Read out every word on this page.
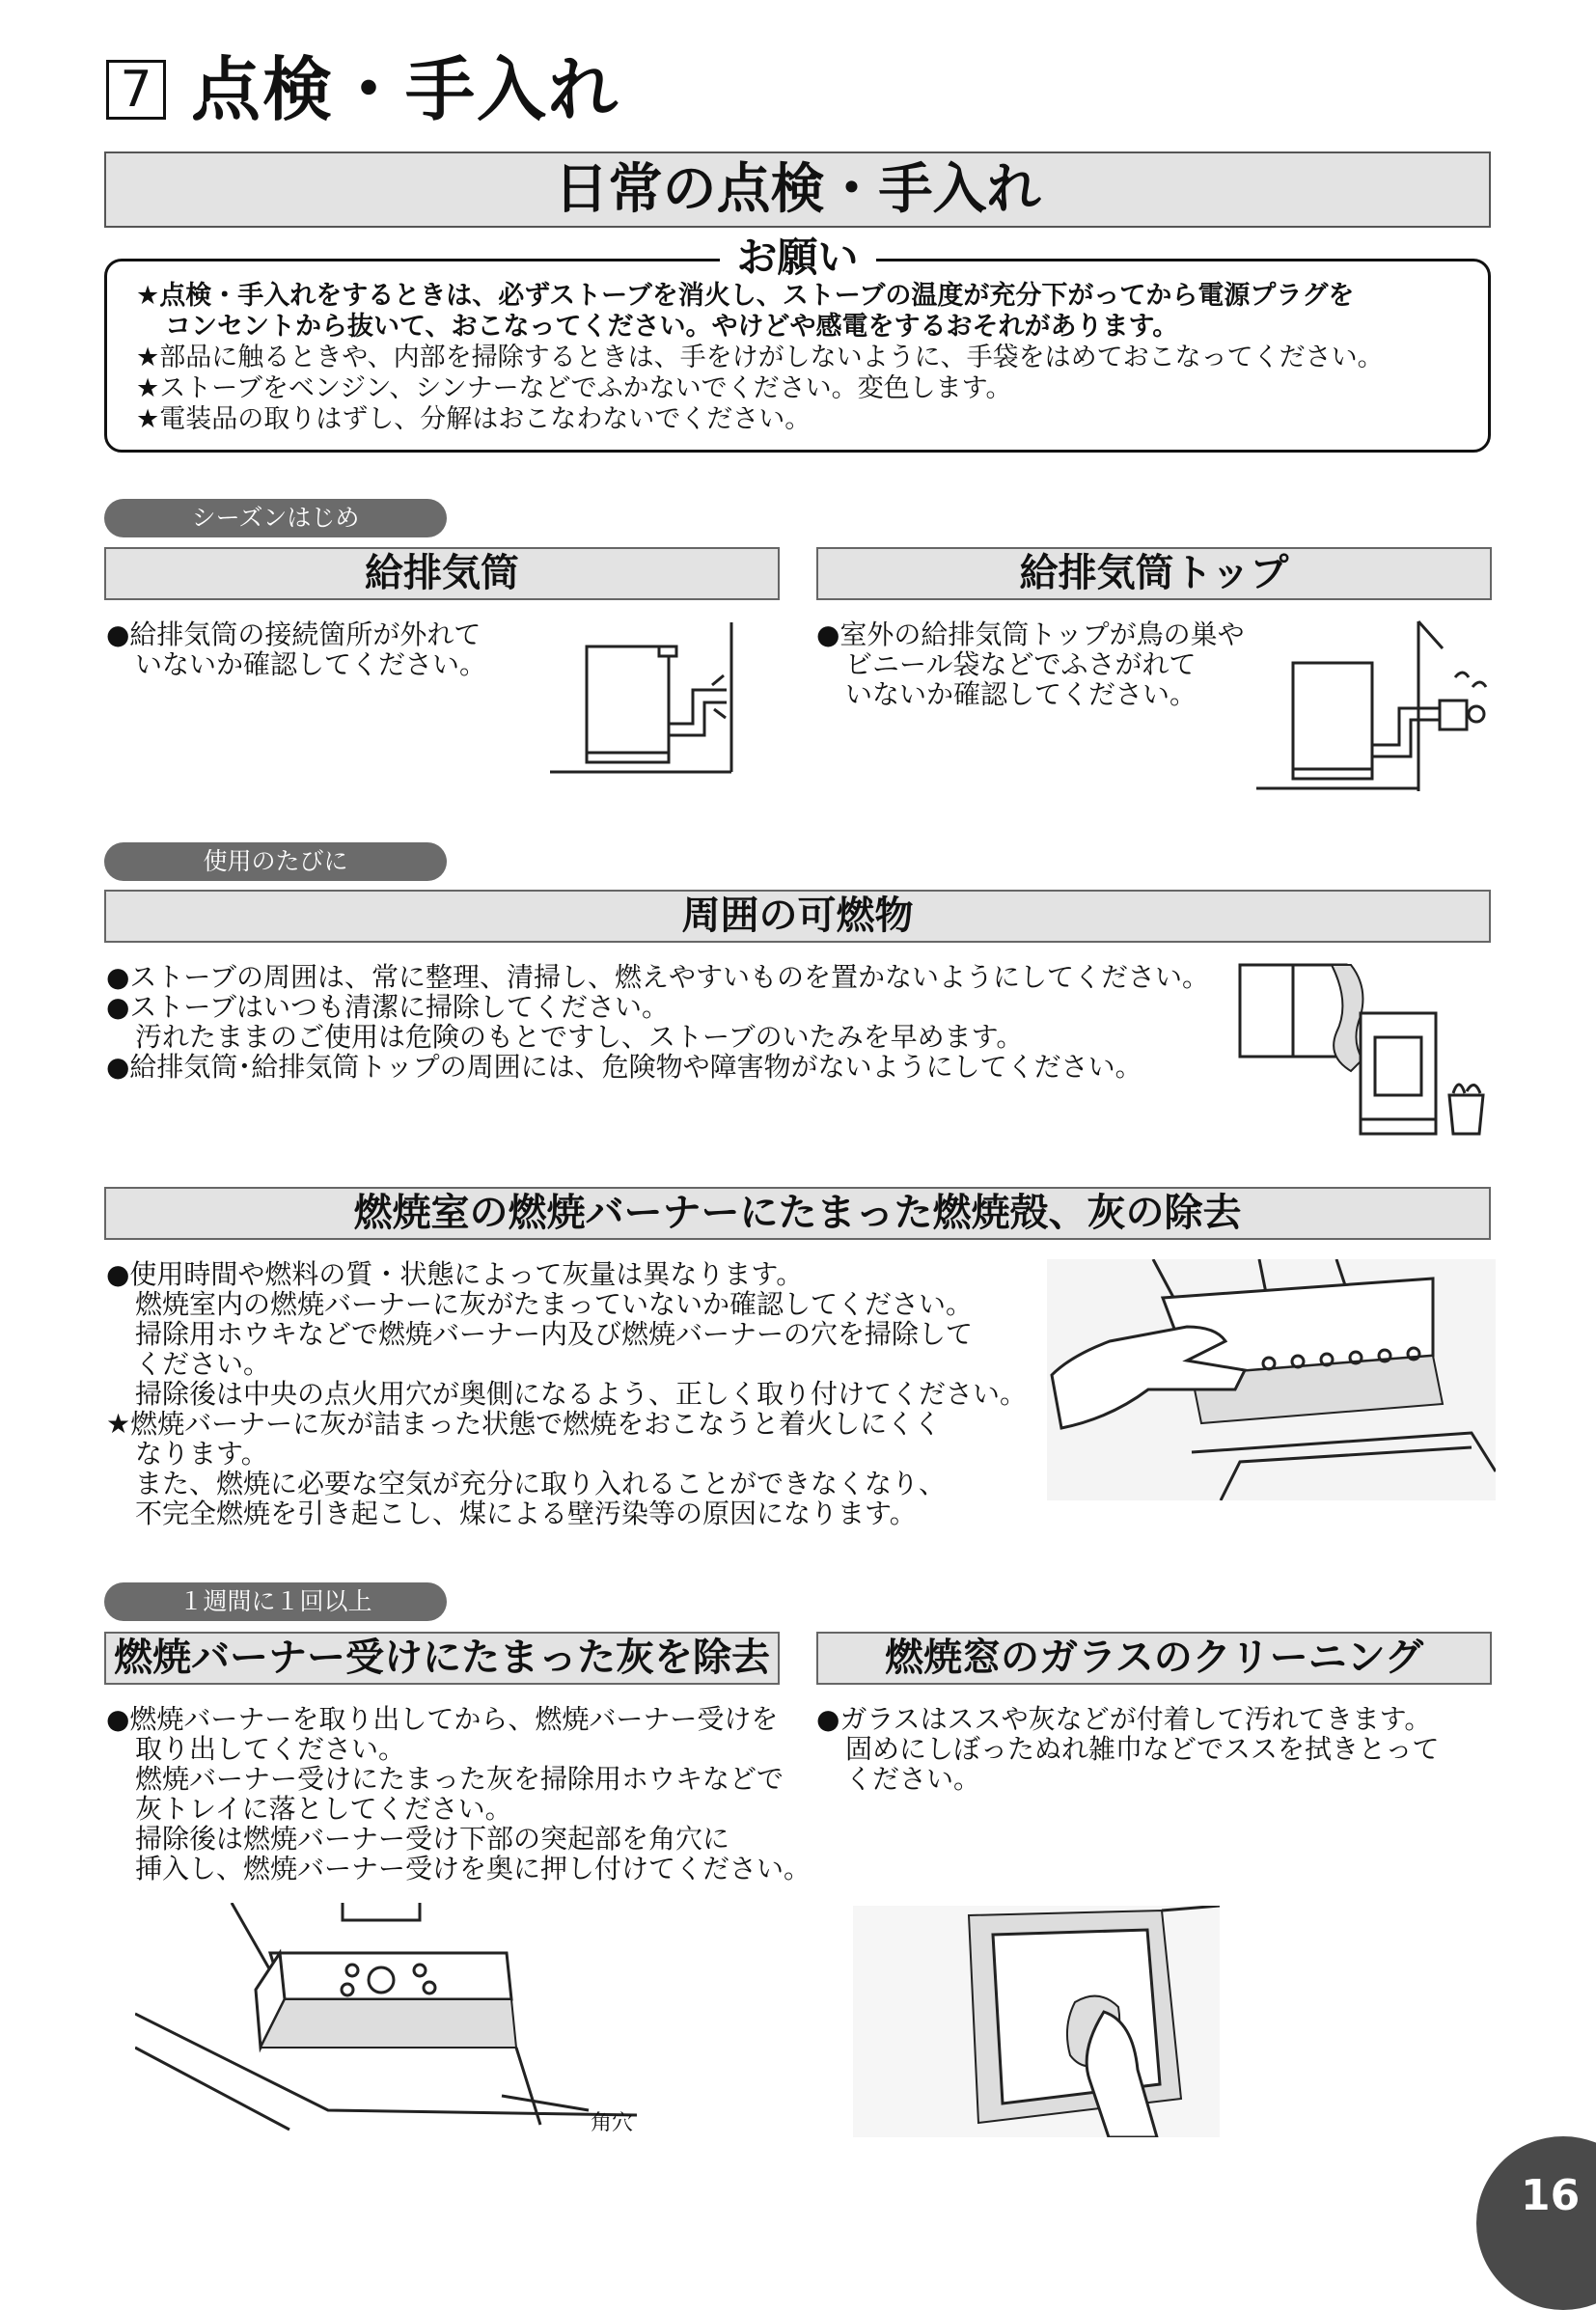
7 点検・手入れ
日常の点検・手入れ
お願い
★点検・手入れをするときは、必ずストーブを消火し、ストーブの温度が充分下がってから電源プラグを
コンセントから抜いて、おこなってください。やけどや感電をするおそれがあります。
★部品に触るときや、内部を掃除するときは、手をけがしないように、手袋をはめておこなってください。
★ストーブをベンジン、シンナーなどでふかないでください。変色します。
★電装品の取りはずし、分解はおこなわないでください。
シーズンはじめ
給排気筒
●給排気筒の接続箇所が外れて
いないか確認してください。
給排気筒トップ
●室外の給排気筒トップが鳥の巣や
ビニール袋などでふさがれて
いないか確認してください。
使用のたびに
周囲の可燃物
●ストーブの周囲は、常に整理、清掃し、燃えやすいものを置かないようにしてください。
●ストーブはいつも清潔に掃除してください。
汚れたままのご使用は危険のもとですし、ストーブのいたみを早めます。
●給排気筒･給排気筒トップの周囲には、危険物や障害物がないようにしてください。
燃焼室の燃焼バーナーにたまった燃焼殻、灰の除去
●使用時間や燃料の質・状態によって灰量は異なります。
燃焼室内の燃焼バーナーに灰がたまっていないか確認してください。
掃除用ホウキなどで燃焼バーナー内及び燃焼バーナーの穴を掃除して
ください。
掃除後は中央の点火用穴が奥側になるよう、正しく取り付けてください。
★燃焼バーナーに灰が詰まった状態で燃焼をおこなうと着火しにくく
なります。
また、燃焼に必要な空気が充分に取り入れることができなくなり、
不完全燃焼を引き起こし、煤による壁汚染等の原因になります。
１週間に１回以上
燃焼バーナー受けにたまった灰を除去
●燃焼バーナーを取り出してから、燃焼バーナー受けを
取り出してください。
燃焼バーナー受けにたまった灰を掃除用ホウキなどで
灰トレイに落としてください。
掃除後は燃焼バーナー受け下部の突起部を角穴に
挿入し、燃焼バーナー受けを奥に押し付けてください。
角穴
燃焼窓のガラスのクリーニング
●ガラスはススや灰などが付着して汚れてきます。
固めにしぼったぬれ雑巾などでススを拭きとって
ください。
16
